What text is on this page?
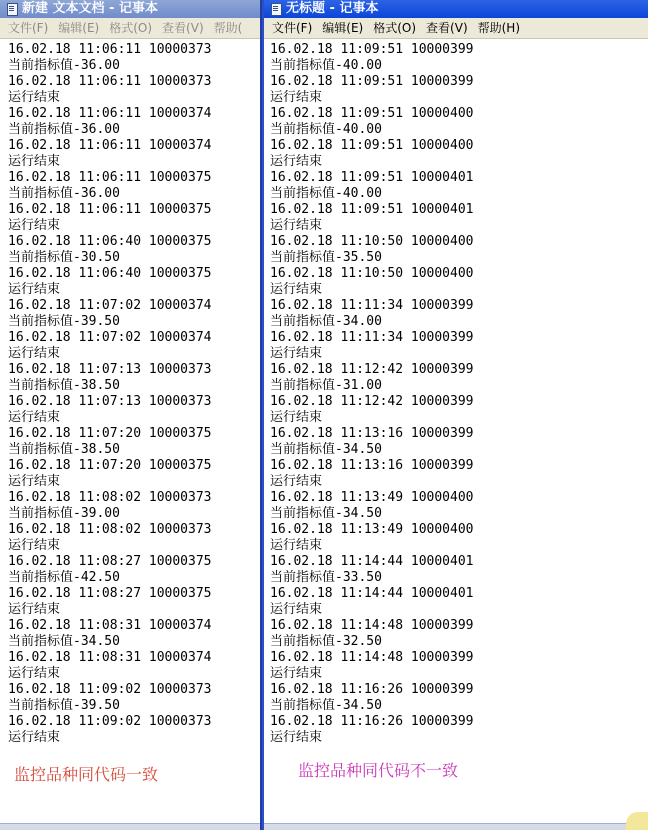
新建 文本文档 - 记事本
文件(F) 编辑(E) 格式(O) 查看(V) 帮助(
16.02.18 11:06:11 10000373
当前指标值-36.00
16.02.18 11:06:11 10000373
运行结束
16.02.18 11:06:11 10000374
当前指标值-36.00
16.02.18 11:06:11 10000374
运行结束
16.02.18 11:06:11 10000375
当前指标值-36.00
16.02.18 11:06:11 10000375
运行结束
16.02.18 11:06:40 10000375
当前指标值-30.50
16.02.18 11:06:40 10000375
运行结束
16.02.18 11:07:02 10000374
当前指标值-39.50
16.02.18 11:07:02 10000374
运行结束
16.02.18 11:07:13 10000373
当前指标值-38.50
16.02.18 11:07:13 10000373
运行结束
16.02.18 11:07:20 10000375
当前指标值-38.50
16.02.18 11:07:20 10000375
运行结束
16.02.18 11:08:02 10000373
当前指标值-39.00
16.02.18 11:08:02 10000373
运行结束
16.02.18 11:08:27 10000375
当前指标值-42.50
16.02.18 11:08:27 10000375
运行结束
16.02.18 11:08:31 10000374
当前指标值-34.50
16.02.18 11:08:31 10000374
运行结束
16.02.18 11:09:02 10000373
当前指标值-39.50
16.02.18 11:09:02 10000373
运行结束
监控品种同代码一致
无标题 - 记事本
文件(F) 编辑(E) 格式(O) 查看(V) 帮助(H)
16.02.18 11:09:51 10000399
当前指标值-40.00
16.02.18 11:09:51 10000399
运行结束
16.02.18 11:09:51 10000400
当前指标值-40.00
16.02.18 11:09:51 10000400
运行结束
16.02.18 11:09:51 10000401
当前指标值-40.00
16.02.18 11:09:51 10000401
运行结束
16.02.18 11:10:50 10000400
当前指标值-35.50
16.02.18 11:10:50 10000400
运行结束
16.02.18 11:11:34 10000399
当前指标值-34.00
16.02.18 11:11:34 10000399
运行结束
16.02.18 11:12:42 10000399
当前指标值-31.00
16.02.18 11:12:42 10000399
运行结束
16.02.18 11:13:16 10000399
当前指标值-34.50
16.02.18 11:13:16 10000399
运行结束
16.02.18 11:13:49 10000400
当前指标值-34.50
16.02.18 11:13:49 10000400
运行结束
16.02.18 11:14:44 10000401
当前指标值-33.50
16.02.18 11:14:44 10000401
运行结束
16.02.18 11:14:48 10000399
当前指标值-32.50
16.02.18 11:14:48 10000399
运行结束
16.02.18 11:16:26 10000399
当前指标值-34.50
16.02.18 11:16:26 10000399
运行结束
监控品种同代码不一致
